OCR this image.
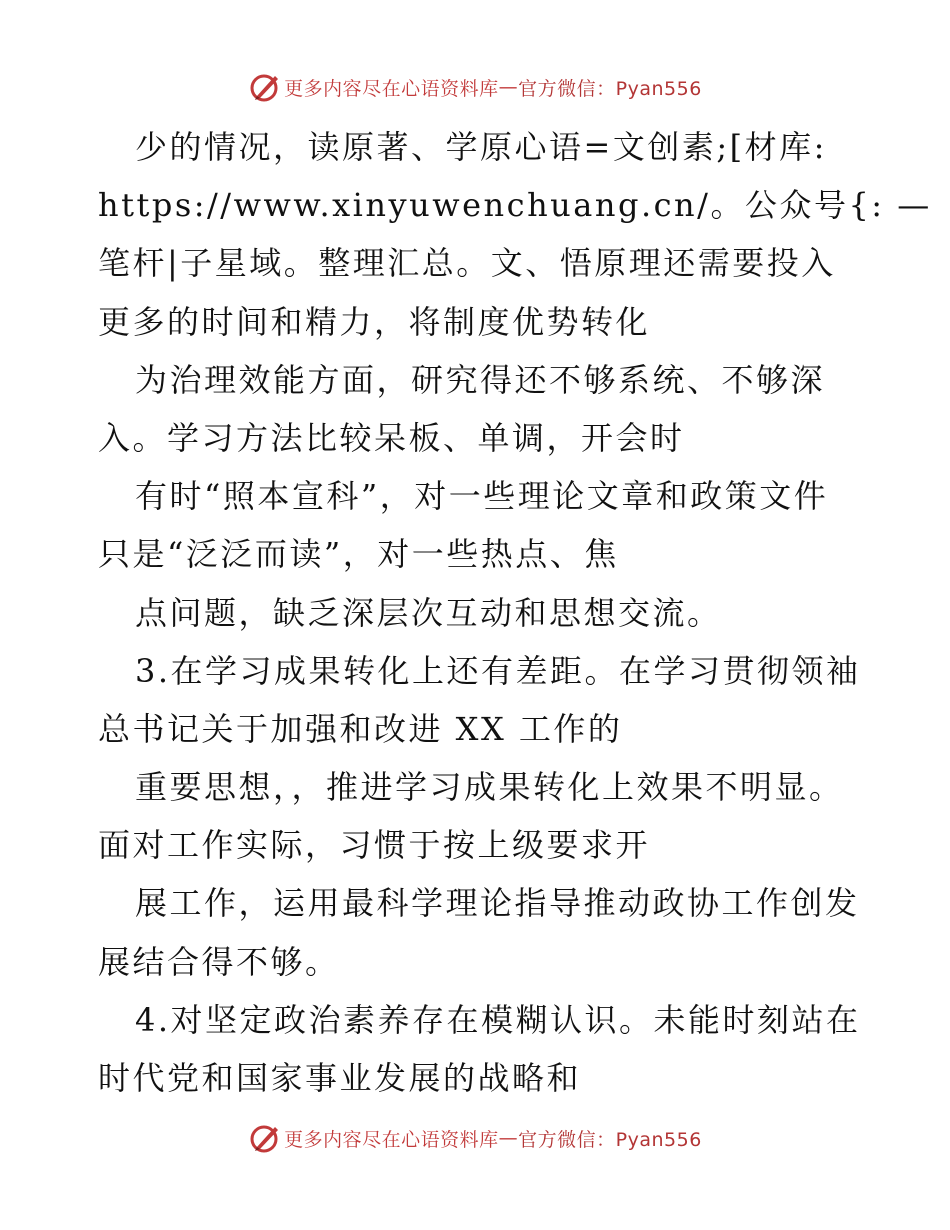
更多内容尽在心语资料库 — 官方微信：Pyan556
少的情况，读原著、学原心语=文创素;[材库:
https://www.xinyuwenchuang.cn/。公众号{: —
笔杆|子星域。整理汇总。文、悟原理还需要投入
更多的时间和精力，将制度优势转化
为治理效能方面，研究得还不够系统、不够深
入。学习方法比较呆板、单调，开会时
有时“照本宣科”，对一些理论文章和政策文件
只是“泛泛而读”，对一些热点、焦
点问题，缺乏深层次互动和思想交流。
3.在学习成果转化上还有差距。在学习贯彻领袖
总书记关于加强和改进 XX 工作的
重要思想，，推进学习成果转化上效果不明显。
面对工作实际，习惯于按上级要求开
展工作，运用最科学理论指导推动政协工作创发
展结合得不够。
4.对坚定政治素养存在模糊认识。未能时刻站在
时代党和国家事业发展的战略和
更多内容尽在心语资料库 — 官方微信：Pyan556
